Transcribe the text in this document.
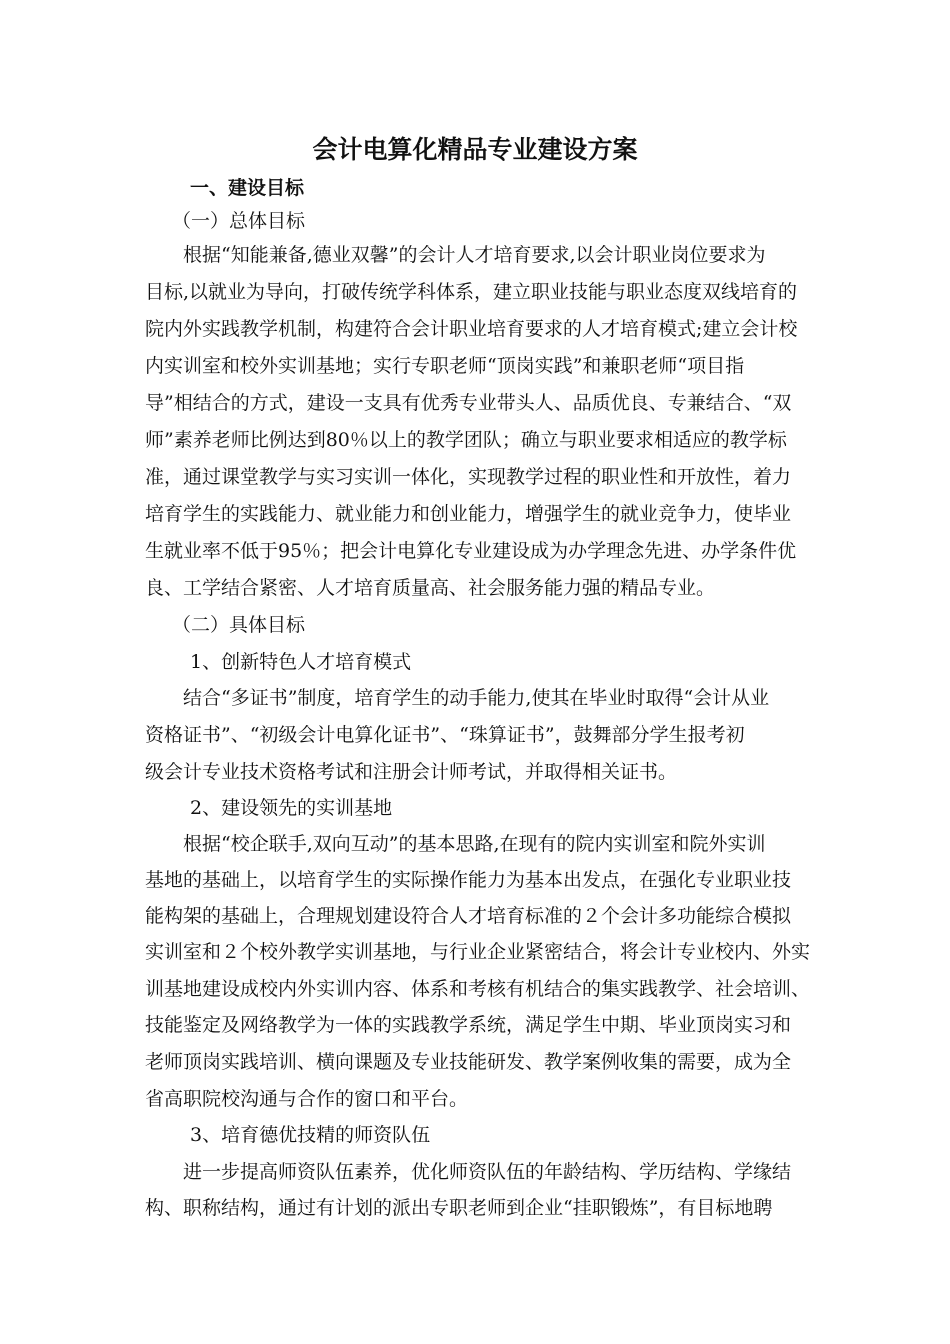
会计电算化精品专业建设方案
一、建设目标
（一）总体目标
根据“知能兼备,德业双馨”的会计人才培育要求,以会计职业岗位要求为
目标,以就业为导向，打破传统学科体系，建立职业技能与职业态度双线培育的
院内外实践教学机制，构建符合会计职业培育要求的人才培育模式;建立会计校
内实训室和校外实训基地；实行专职老师“顶岗实践”和兼职老师“项目指
导”相结合的方式，建设一支具有优秀专业带头人、品质优良、专兼结合、“双
师”素养老师比例达到80％以上的教学团队；确立与职业要求相适应的教学标
准，通过课堂教学与实习实训一体化，实现教学过程的职业性和开放性，着力
培育学生的实践能力、就业能力和创业能力，增强学生的就业竞争力，使毕业
生就业率不低于95％；把会计电算化专业建设成为办学理念先进、办学条件优
良、工学结合紧密、人才培育质量高、社会服务能力强的精品专业。
（二）具体目标
1、创新特色人才培育模式
结合“多证书”制度，培育学生的动手能力,使其在毕业时取得“会计从业
资格证书”、“初级会计电算化证书”、“珠算证书”，鼓舞部分学生报考初
级会计专业技术资格考试和注册会计师考试，并取得相关证书。
2、建设领先的实训基地
根据“校企联手,双向互动”的基本思路,在现有的院内实训室和院外实训
基地的基础上，以培育学生的实际操作能力为基本出发点，在强化专业职业技
能构架的基础上，合理规划建设符合人才培育标准的２个会计多功能综合模拟
实训室和２个校外教学实训基地，与行业企业紧密结合，将会计专业校内、外实
训基地建设成校内外实训内容、体系和考核有机结合的集实践教学、社会培训、
技能鉴定及网络教学为一体的实践教学系统，满足学生中期、毕业顶岗实习和
老师顶岗实践培训、横向课题及专业技能研发、教学案例收集的需要，成为全
省高职院校沟通与合作的窗口和平台。
3、培育德优技精的师资队伍
进一步提高师资队伍素养，优化师资队伍的年龄结构、学历结构、学缘结
构、职称结构，通过有计划的派出专职老师到企业“挂职锻炼”，有目标地聘
